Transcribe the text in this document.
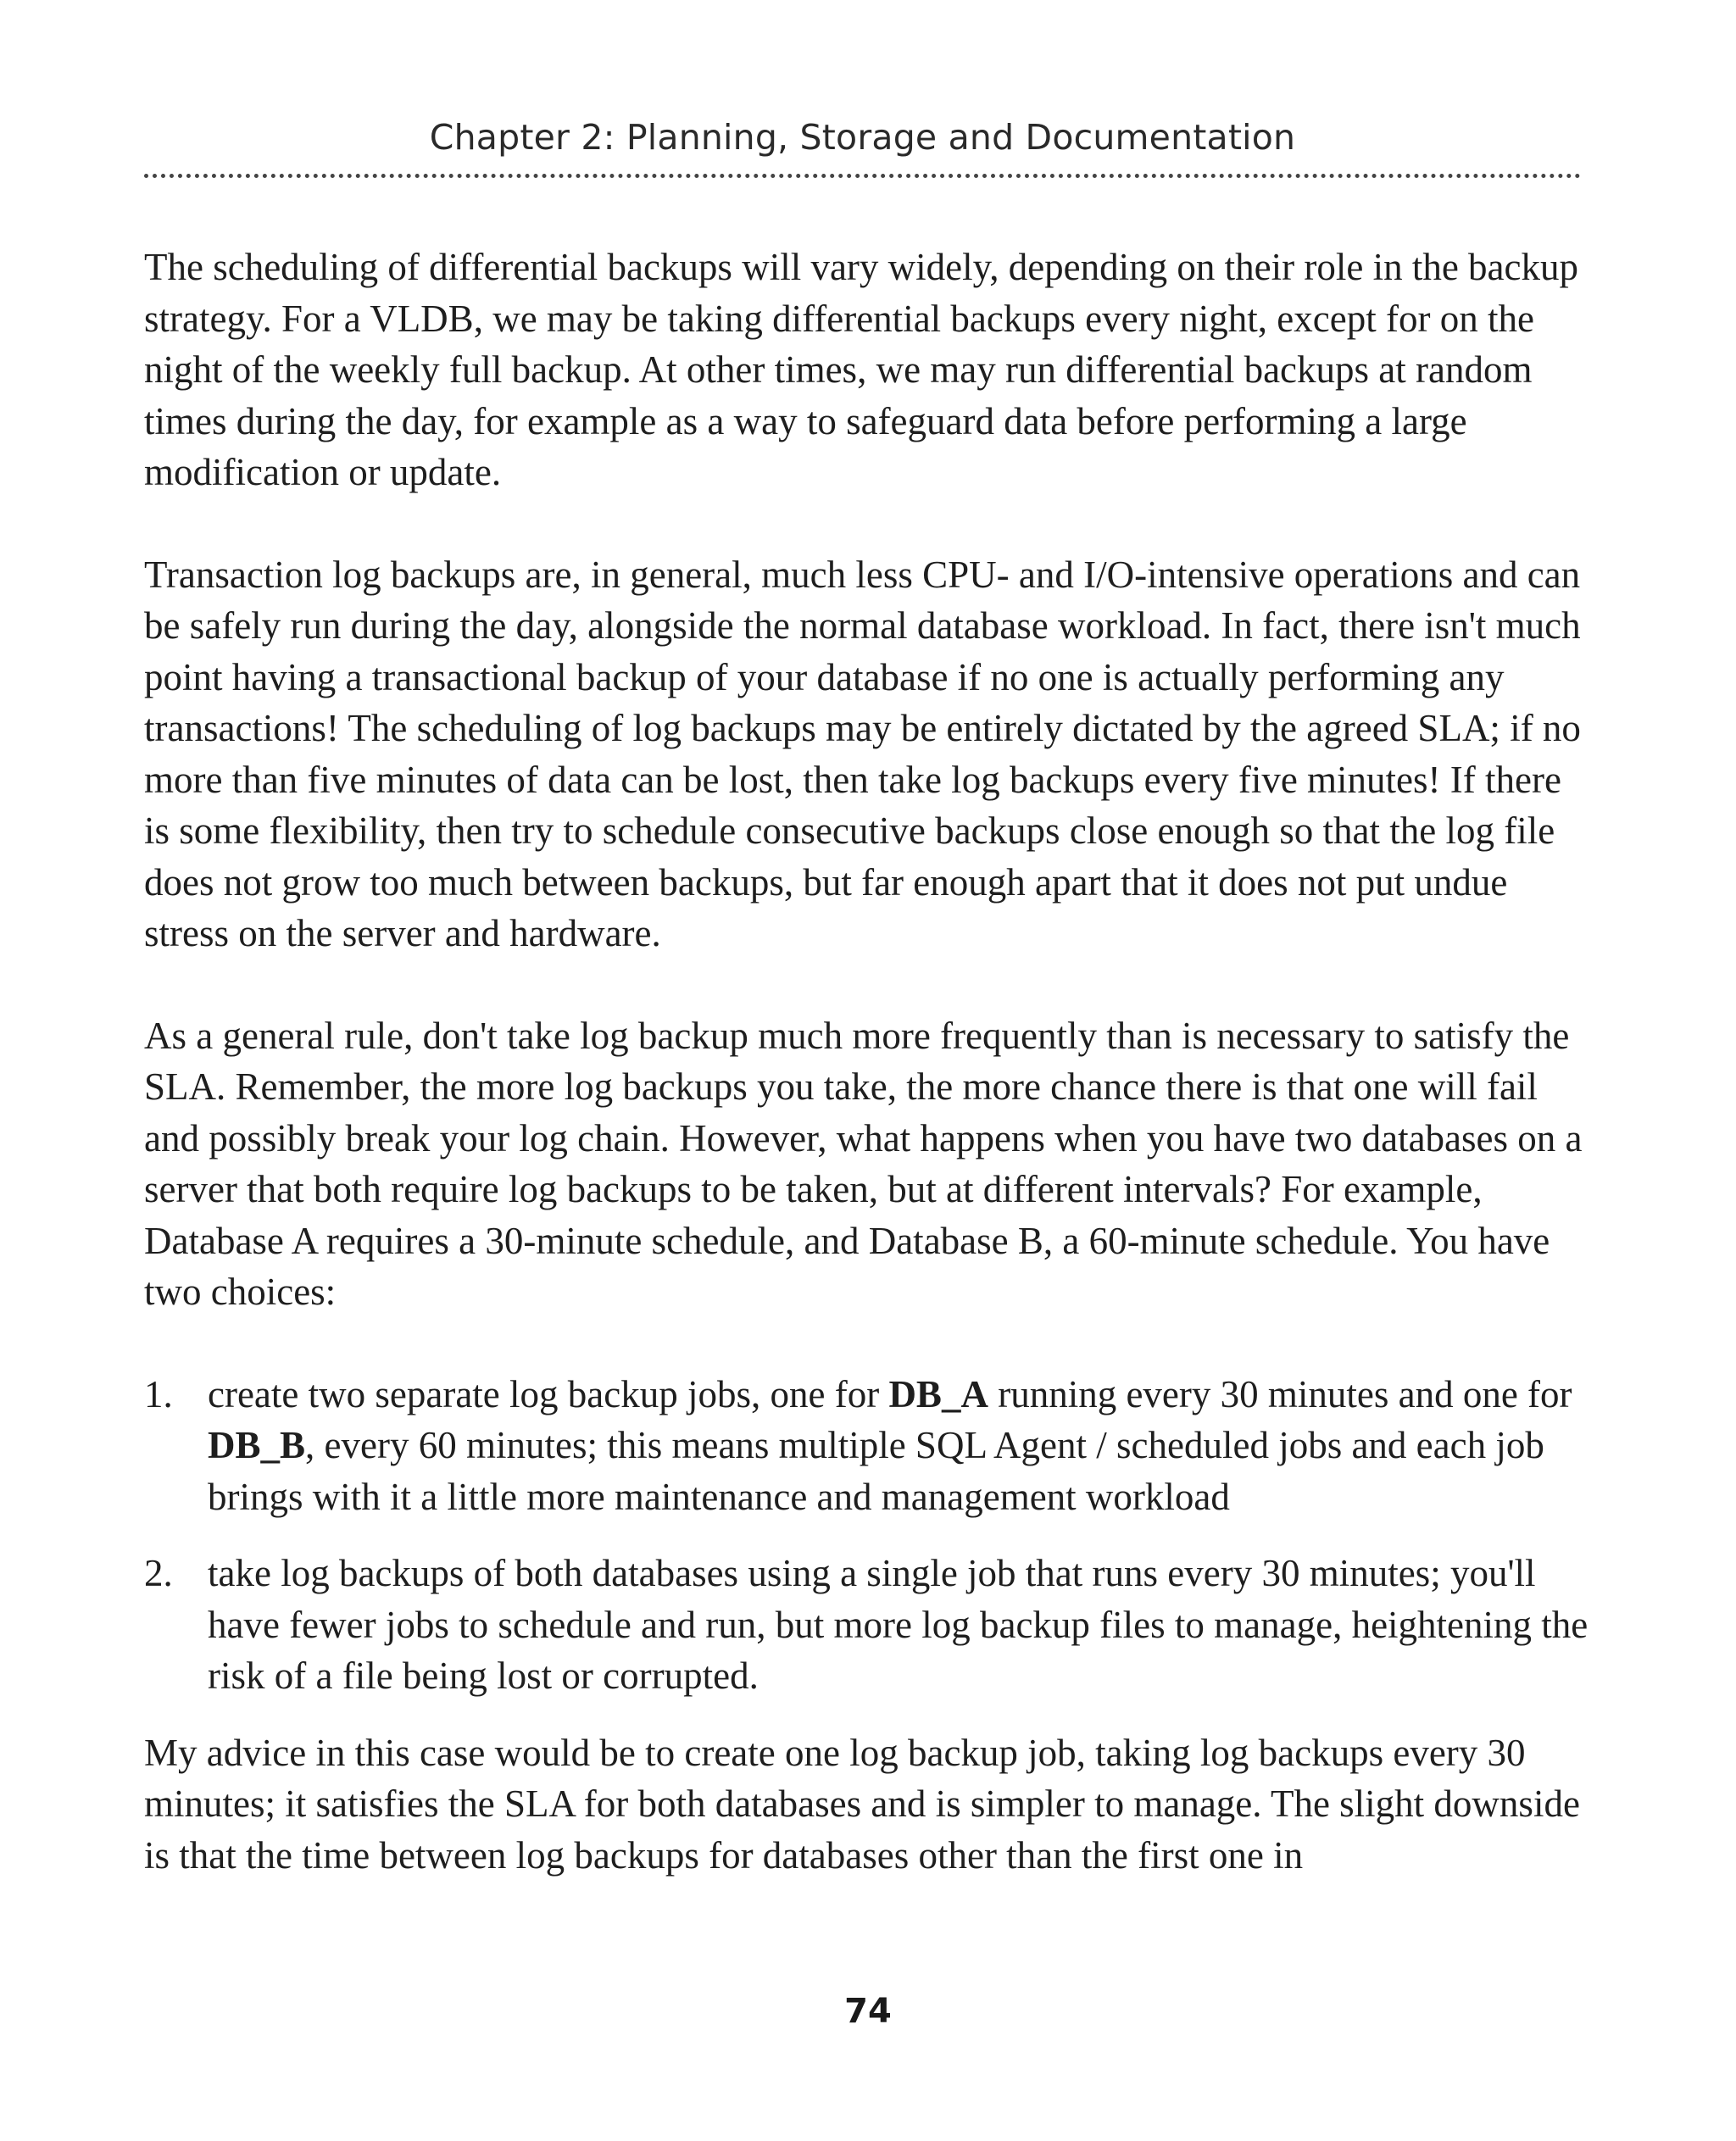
Chapter 2: Planning, Storage and Documentation

The scheduling of differential backups will vary widely, depending on their role in the backup strategy. For a VLDB, we may be taking differential backups every night, except for on the night of the weekly full backup. At other times, we may run differential backups at random times during the day, for example as a way to safeguard data before performing a large modification or update.

Transaction log backups are, in general, much less CPU- and I/O-intensive operations and can be safely run during the day, alongside the normal database workload. In fact, there isn't much point having a transactional backup of your database if no one is actually performing any transactions! The scheduling of log backups may be entirely dictated by the agreed SLA; if no more than five minutes of data can be lost, then take log backups every five minutes! If there is some flexibility, then try to schedule consecutive backups close enough so that the log file does not grow too much between backups, but far enough apart that it does not put undue stress on the server and hardware.

As a general rule, don't take log backup much more frequently than is necessary to satisfy the SLA. Remember, the more log backups you take, the more chance there is that one will fail and possibly break your log chain. However, what happens when you have two databases on a server that both require log backups to be taken, but at different intervals? For example, Database A requires a 30-minute schedule, and Database B, a 60-minute schedule. You have two choices:

1. create two separate log backup jobs, one for DB_A running every 30 minutes and one for DB_B, every 60 minutes; this means multiple SQL Agent / scheduled jobs and each job brings with it a little more maintenance and management workload
2. take log backups of both databases using a single job that runs every 30 minutes; you'll have fewer jobs to schedule and run, but more log backup files to manage, heightening the risk of a file being lost or corrupted.

My advice in this case would be to create one log backup job, taking log backups every 30 minutes; it satisfies the SLA for both databases and is simpler to manage. The slight downside is that the time between log backups for databases other than the first one in

74
